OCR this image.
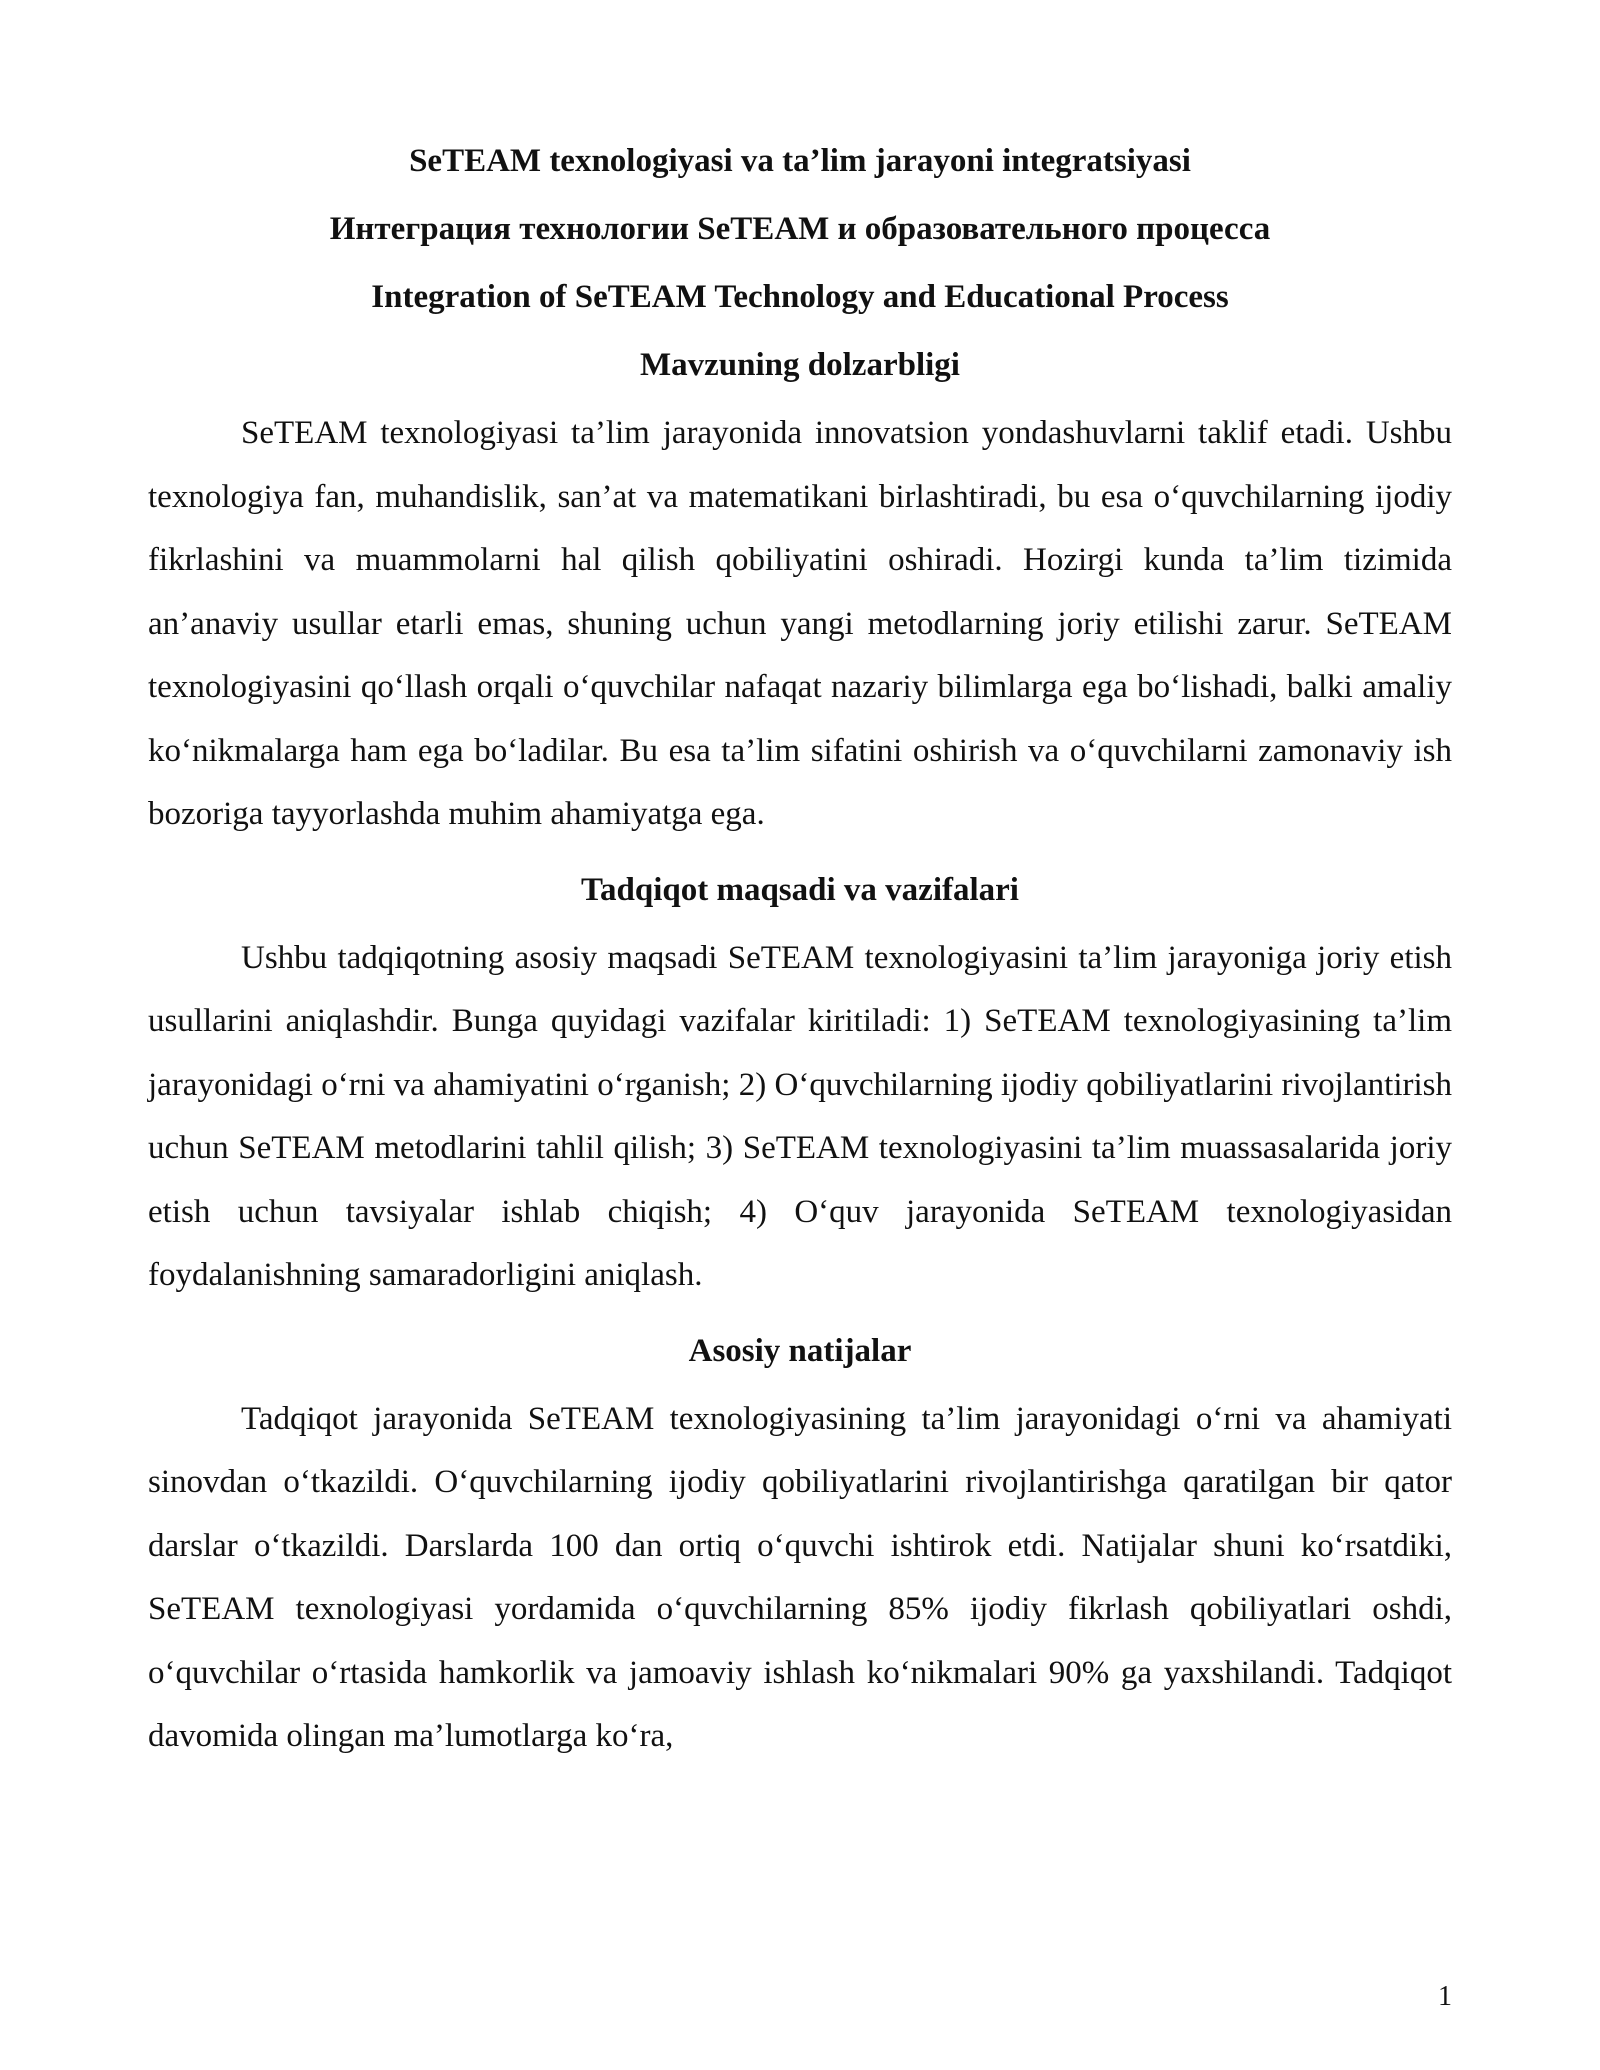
SeTEAM texnologiyasi va ta’lim jarayoni integratsiyasi
Интеграция технологии SeTEAM и образовательного процесса
Integration of SeTEAM Technology and Educational Process
Mavzuning dolzarbligi

SeTEAM texnologiyasi ta’lim jarayonida innovatsion yondashuvlarni taklif etadi. Ushbu texnologiya fan, muhandislik, san’at va matematikani birlashtiradi, bu esa o‘quvchilarning ijodiy fikrlashini va muammolarni hal qilish qobiliyatini oshiradi. Hozirgi kunda ta’lim tizimida an’anaviy usullar etarli emas, shuning uchun yangi metodlarning joriy etilishi zarur. SeTEAM texnologiyasini qo‘llash orqali o‘quvchilar nafaqat nazariy bilimlarga ega bo‘lishadi, balki amaliy ko‘nikmalarga ham ega bo‘ladilar. Bu esa ta’lim sifatini oshirish va o‘quvchilarni zamonaviy ish bozoriga tayyorlashda muhim ahamiyatga ega.

Tadqiqot maqsadi va vazifalari

Ushbu tadqiqotning asosiy maqsadi SeTEAM texnologiyasini ta’lim jarayoniga joriy etish usullarini aniqlashdir. Bunga quyidagi vazifalar kiritiladi: 1) SeTEAM texnologiyasining ta’lim jarayonidagi o‘rni va ahamiyatini o‘rganish; 2) O‘quvchilarning ijodiy qobiliyatlarini rivojlantirish uchun SeTEAM metodlarini tahlil qilish; 3) SeTEAM texnologiyasini ta’lim muassasalarida joriy etish uchun tavsiyalar ishlab chiqish; 4) O‘quv jarayonida SeTEAM texnologiyasidan foydalanishning samaradorligini aniqlash.

Asosiy natijalar

Tadqiqot jarayonida SeTEAM texnologiyasining ta’lim jarayonidagi o‘rni va ahamiyati sinovdan o‘tkazildi. O‘quvchilarning ijodiy qobiliyatlarini rivojlantirishga qaratilgan bir qator darslar o‘tkazildi. Darslarda 100 dan ortiq o‘quvchi ishtirok etdi. Natijalar shuni ko‘rsatdiki, SeTEAM texnologiyasi yordamida o‘quvchilarning 85% ijodiy fikrlash qobiliyatlari oshdi, o‘quvchilar o‘rtasida hamkorlik va jamoaviy ishlash ko‘nikmalari 90% ga yaxshilandi. Tadqiqot davomida olingan ma’lumotlarga ko‘ra,

1
